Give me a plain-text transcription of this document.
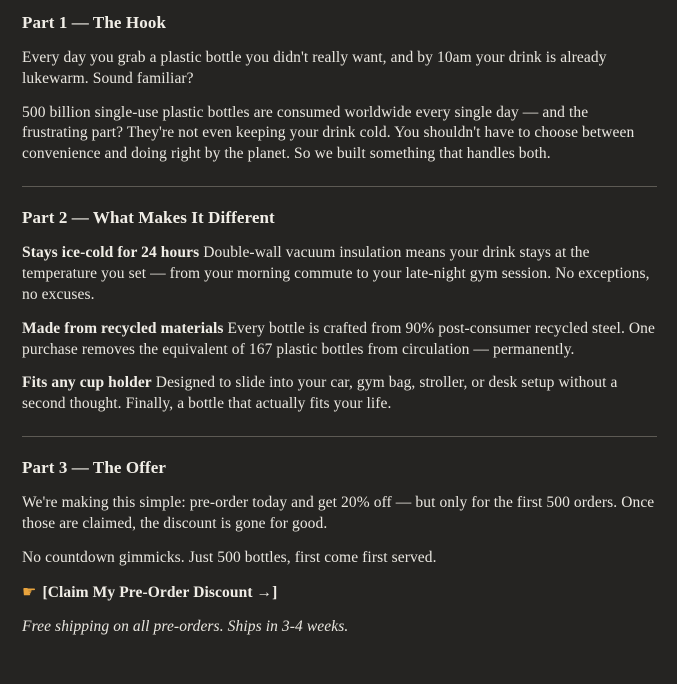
Part 1 — The Hook

Every day you grab a plastic bottle you didn't really want, and by 10am your drink is already lukewarm. Sound familiar?

500 billion single-use plastic bottles are consumed worldwide every single day — and the frustrating part? They're not even keeping your drink cold. You shouldn't have to choose between convenience and doing right by the planet. So we built something that handles both.

Part 2 — What Makes It Different

Stays ice-cold for 24 hours Double-wall vacuum insulation means your drink stays at the temperature you set — from your morning commute to your late-night gym session. No exceptions, no excuses.

Made from recycled materials Every bottle is crafted from 90% post-consumer recycled steel. One purchase removes the equivalent of 167 plastic bottles from circulation — permanently.

Fits any cup holder Designed to slide into your car, gym bag, stroller, or desk setup without a second thought. Finally, a bottle that actually fits your life.

Part 3 — The Offer

We're making this simple: pre-order today and get 20% off — but only for the first 500 orders. Once those are claimed, the discount is gone for good.

No countdown gimmicks. Just 500 bottles, first come first served.

☛ [Claim My Pre-Order Discount →]

Free shipping on all pre-orders. Ships in 3-4 weeks.
